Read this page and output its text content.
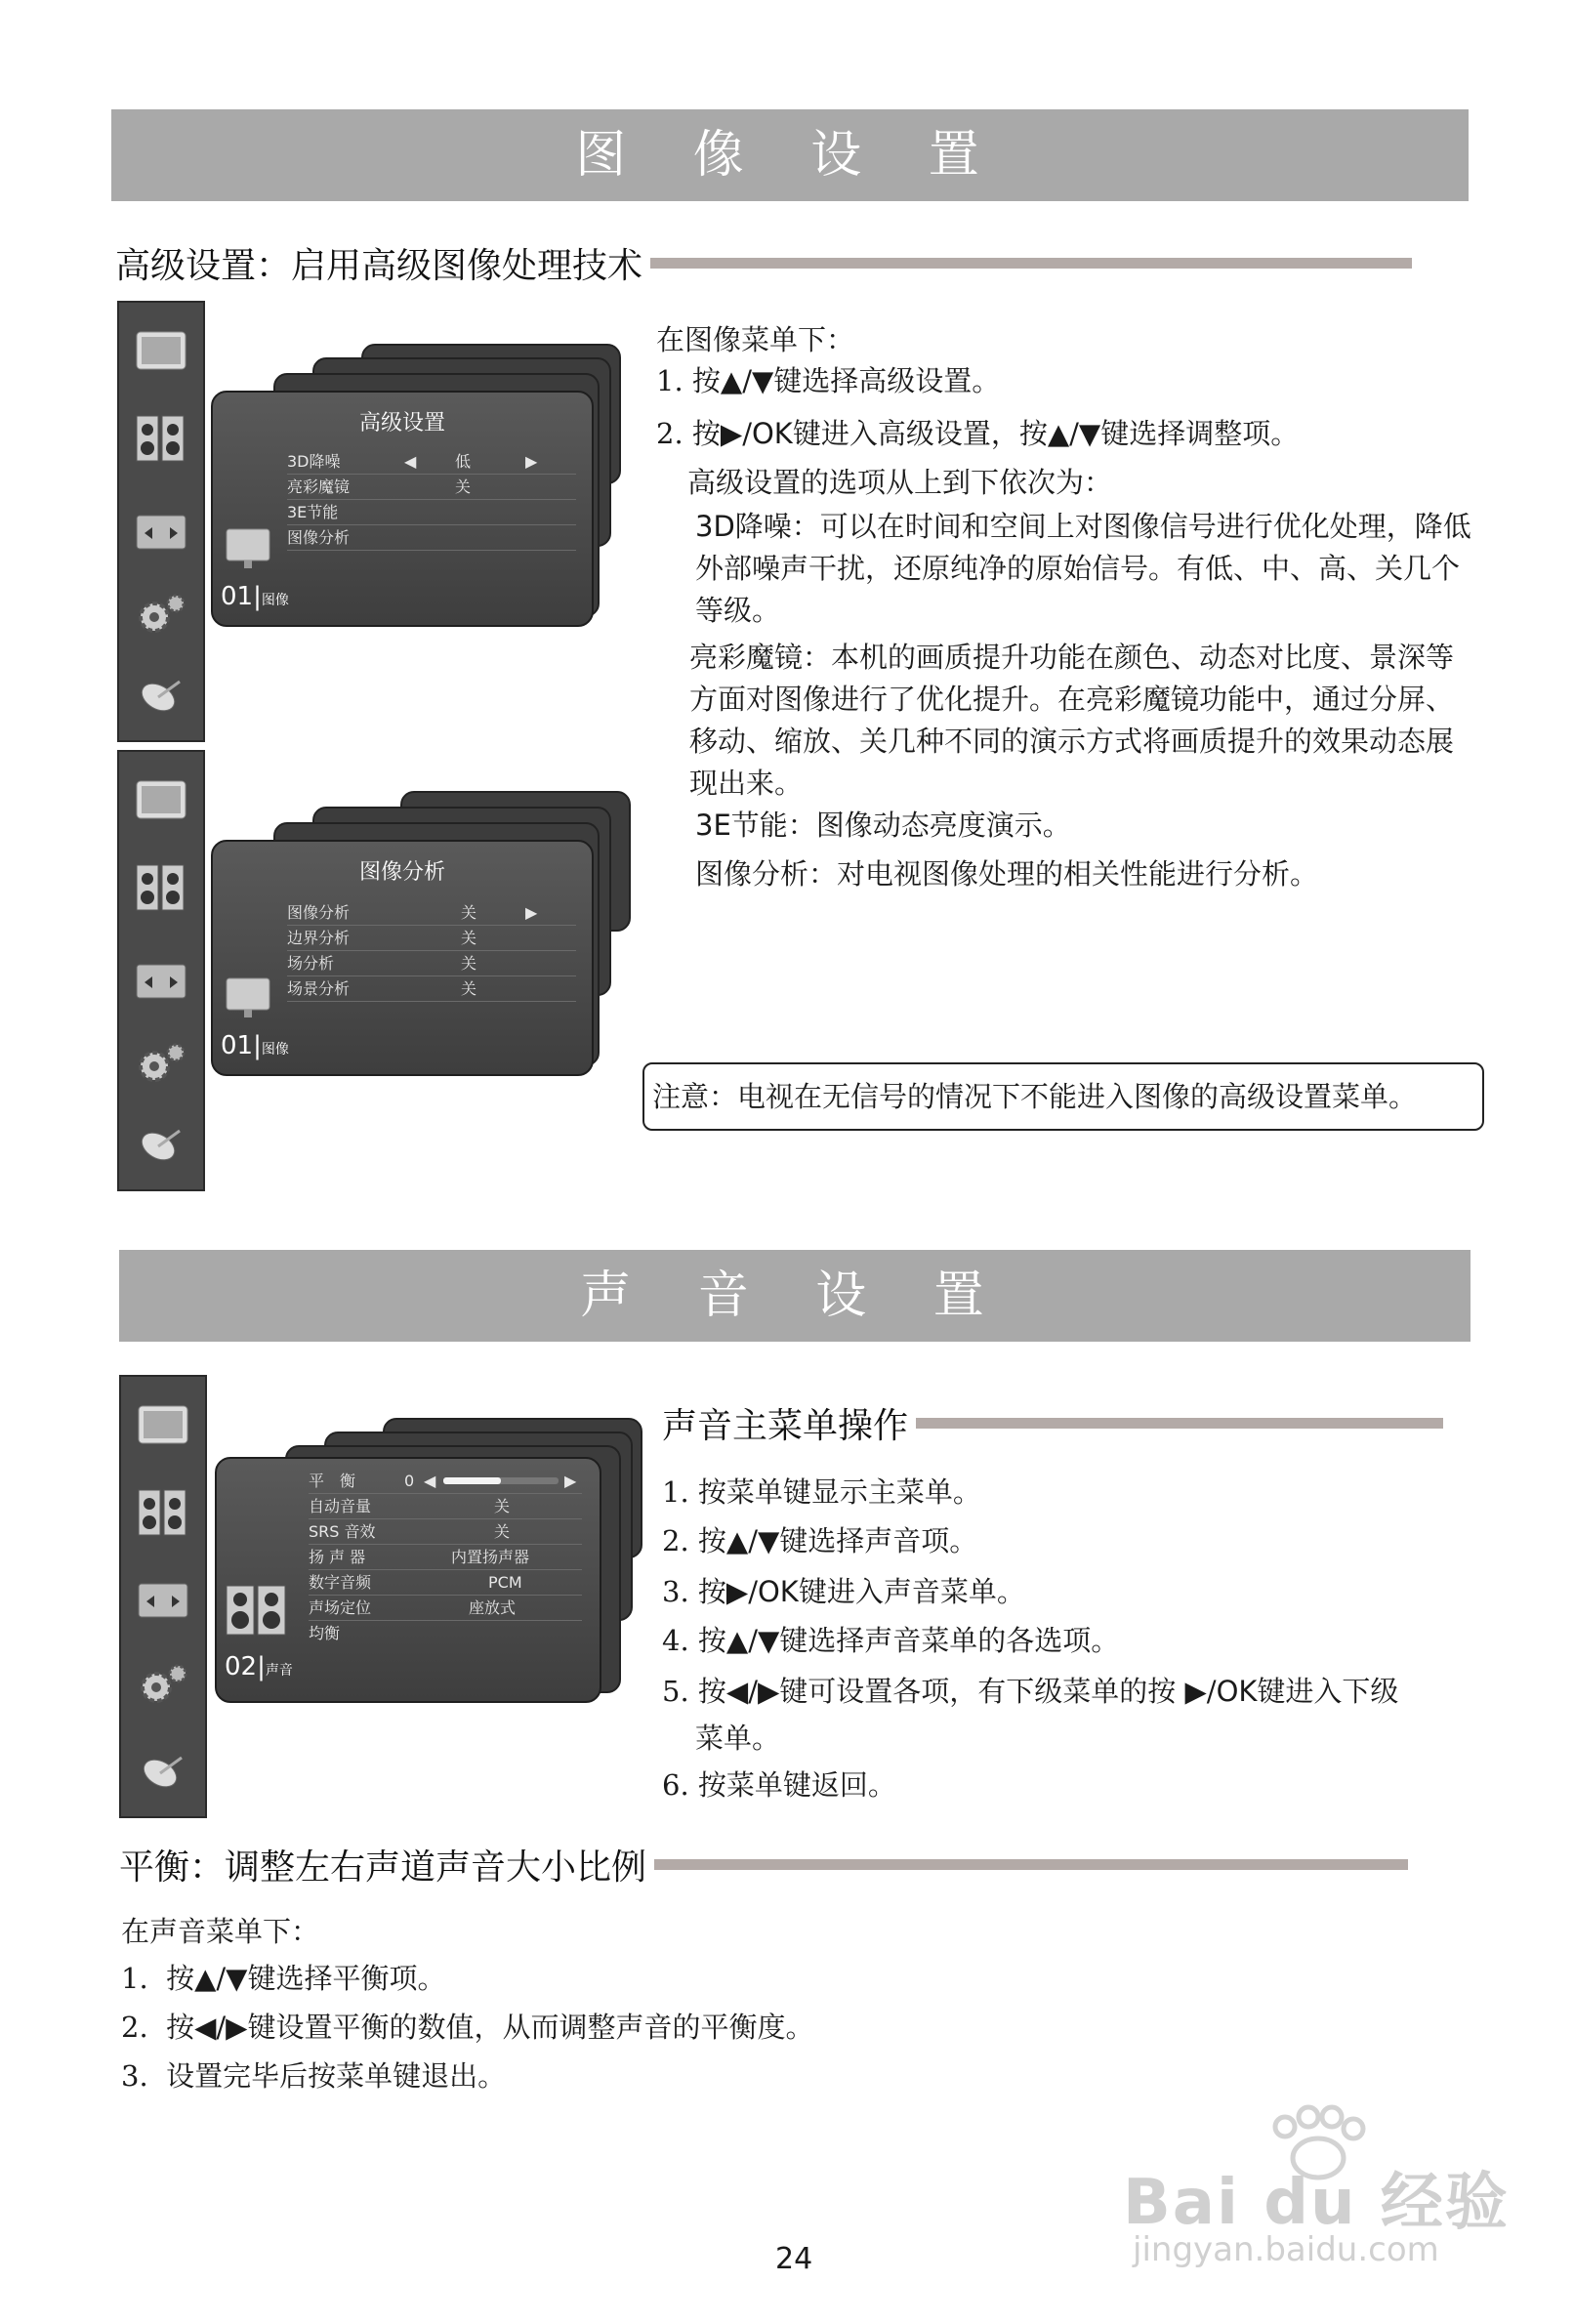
图 像 设 置
高级设置：启用高级图像处理技术
高级设置
3D降噪	◀ 低	▶
亮彩魔镜	关
3E节能
图像分析
01|图像
图像分析
图像分析	关	▶
边界分析	关
场分析	关
场景分析	关
01|图像
在图像菜单下：
1. 按▲/▼键选择高级设置。
2. 按▶/OK键进入高级设置，按▲/▼键选择调整项。
高级设置的选项从上到下依次为：
3D降噪：可以在时间和空间上对图像信号进行优化处理，降低外部噪声干扰，还原纯净的原始信号。有低、中、高、关几个等级。
亮彩魔镜：本机的画质提升功能在颜色、动态对比度、景深等方面对图像进行了优化提升。在亮彩魔镜功能中，通过分屏、移动、缩放、关几种不同的演示方式将画质提升的效果动态展现出来。
3E节能：图像动态亮度演示。
图像分析：对电视图像处理的相关性能进行分析。
注意：电视在无信号的情况下不能进入图像的高级设置菜单。
声 音 设 置
平　衡	0 ◀	▶
自动音量	关
SRS 音效	关
扬 声 器	内置扬声器
数字音频	PCM
声场定位	座放式
均衡
02|声音
声音主菜单操作
1. 按菜单键显示主菜单。
2. 按▲/▼键选择声音项。
3. 按▶/OK键进入声音菜单。
4. 按▲/▼键选择声音菜单的各选项。
5. 按◀/▶键可设置各项，有下级菜单的按 ▶/OK键进入下级
菜单。
6. 按菜单键返回。
平衡：调整左右声道声音大小比例
在声音菜单下：
1. 按▲/▼键选择平衡项。
2. 按◀/▶键设置平衡的数值，从而调整声音的平衡度。
3. 设置完毕后按菜单键退出。
24
Bai du 经验
jingyan.baidu.com
